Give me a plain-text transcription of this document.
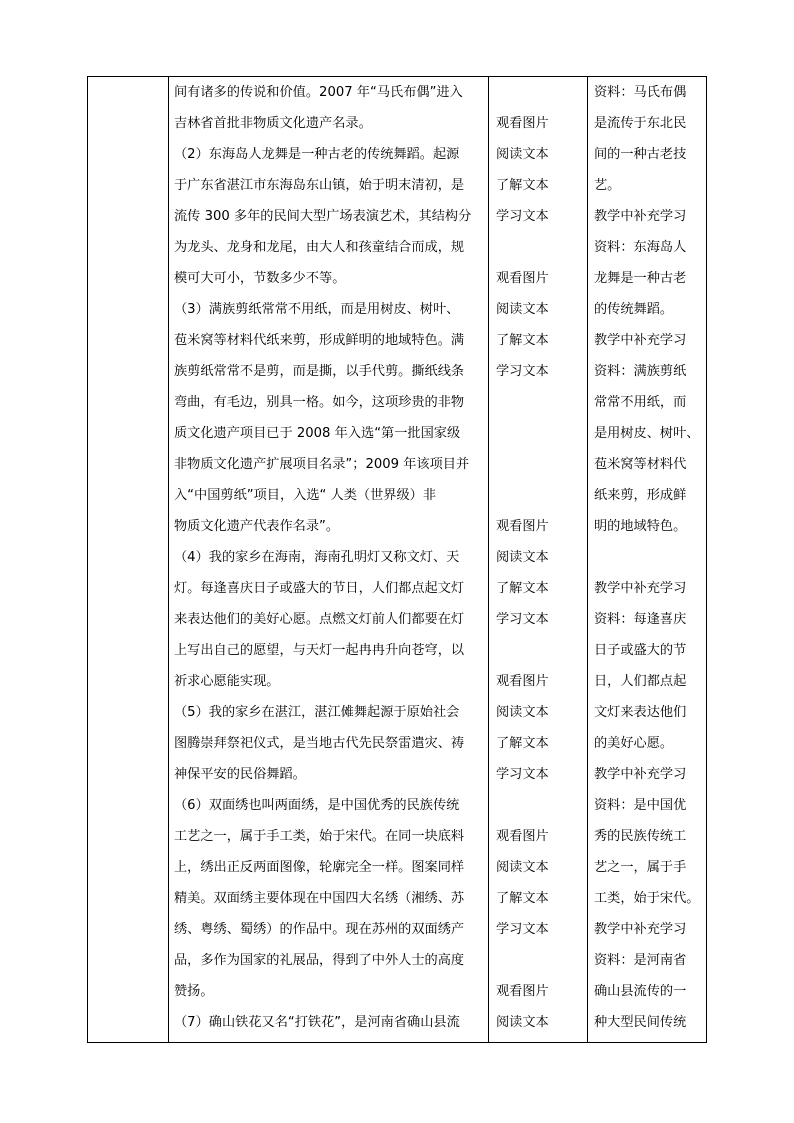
间有诸多的传说和价值。2007 年“马氏布偶”进入
吉林省首批非物质文化遗产名录。
（2）东海岛人龙舞是一种古老的传统舞蹈。起源
于广东省湛江市东海岛东山镇，始于明末清初，是
流传 300 多年的民间大型广场表演艺术，其结构分
为龙头、龙身和龙尾，由大人和孩童结合而成，规
模可大可小，节数多少不等。
（3）满族剪纸常常不用纸，而是用树皮、树叶、
苞米窝等材料代纸来剪，形成鲜明的地域特色。满
族剪纸常常不是剪，而是撕，以手代剪。撕纸线条
弯曲，有毛边，别具一格。如今，这项珍贵的非物
质文化遗产项目已于 2008 年入选“第一批国家级
非物质文化遗产扩展项目名录”；2009 年该项目并
入“中国剪纸”项目，入选“ 人类（世界级）非
物质文化遗产代表作名录”。
（4）我的家乡在海南，海南孔明灯又称文灯、天
灯。每逢喜庆日子或盛大的节日，人们都点起文灯
来表达他们的美好心愿。点燃文灯前人们都要在灯
上写出自己的愿望，与天灯一起冉冉升向苍穹，以
祈求心愿能实现。
（5）我的家乡在湛江，湛江傩舞起源于原始社会
图腾崇拜祭祀仪式，是当地古代先民祭雷遣灾、祷
神保平安的民俗舞蹈。
（6）双面绣也叫两面绣，是中国优秀的民族传统
工艺之一，属于手工类，始于宋代。在同一块底料
上，绣出正反两面图像，轮廓完全一样。图案同样
精美。双面绣主要体现在中国四大名绣（湘绣、苏
绣、粤绣、蜀绣）的作品中。现在苏州的双面绣产
品，多作为国家的礼展品，得到了中外人士的高度
赞扬。
（7）确山铁花又名“打铁花”，是河南省确山县流
观看图片
阅读文本
了解文本
学习文本
观看图片
阅读文本
了解文本
学习文本
观看图片
阅读文本
了解文本
学习文本
观看图片
阅读文本
了解文本
学习文本
观看图片
阅读文本
了解文本
学习文本
观看图片
阅读文本
资料：马氏布偶
是流传于东北民
间的一种古老技
艺。
教学中补充学习
资料：东海岛人
龙舞是一种古老
的传统舞蹈。
教学中补充学习
资料：满族剪纸
常常不用纸，而
是用树皮、树叶、
苞米窝等材料代
纸来剪，形成鲜
明的地域特色。
教学中补充学习
资料：每逢喜庆
日子或盛大的节
日，人们都点起
文灯来表达他们
的美好心愿。
教学中补充学习
资料：是中国优
秀的民族传统工
艺之一，属于手
工类，始于宋代。
教学中补充学习
资料：是河南省
确山县流传的一
种大型民间传统
